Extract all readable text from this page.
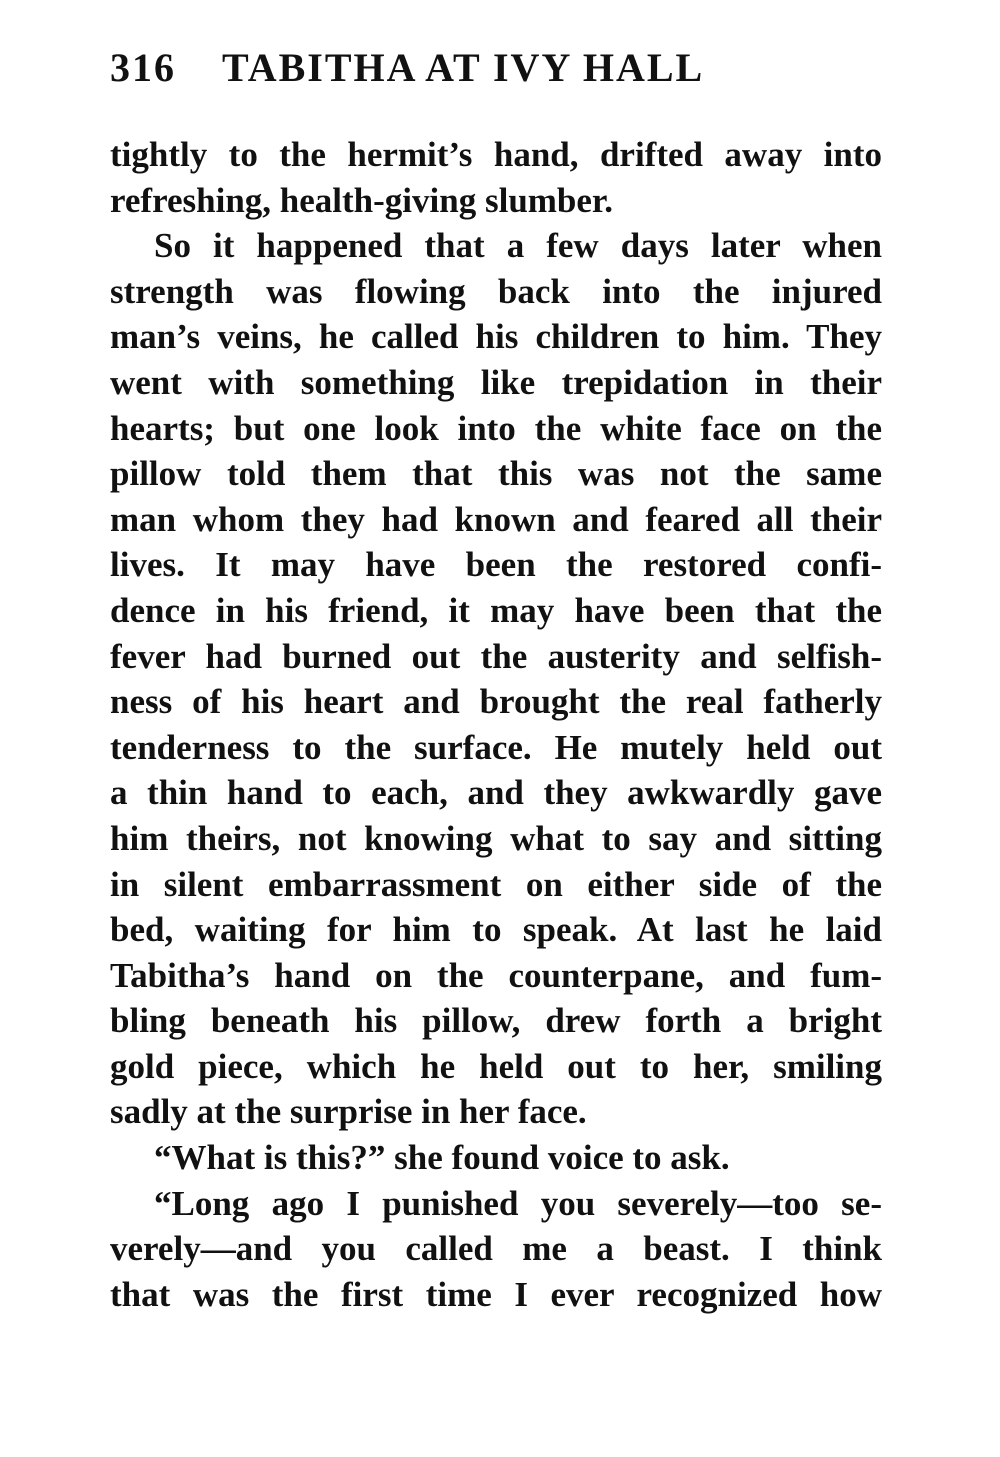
316 TABITHA AT IVY HALL
tightly to the hermit’s hand, drifted away into
refreshing, health-giving slumber.
So it happened that a few days later when
strength was flowing back into the injured
man’s veins, he called his children to him. They
went with something like trepidation in their
hearts; but one look into the white face on the
pillow told them that this was not the same
man whom they had known and feared all their
lives. It may have been the restored confi-
dence in his friend, it may have been that the
fever had burned out the austerity and selfish-
ness of his heart and brought the real fatherly
tenderness to the surface. He mutely held out
a thin hand to each, and they awkwardly gave
him theirs, not knowing what to say and sitting
in silent embarrassment on either side of the
bed, waiting for him to speak. At last he laid
Tabitha’s hand on the counterpane, and fum-
bling beneath his pillow, drew forth a bright
gold piece, which he held out to her, smiling
sadly at the surprise in her face.
“What is this?” she found voice to ask.
“Long ago I punished you severely—too se-
verely—and you called me a beast. I think
that was the first time I ever recognized how
